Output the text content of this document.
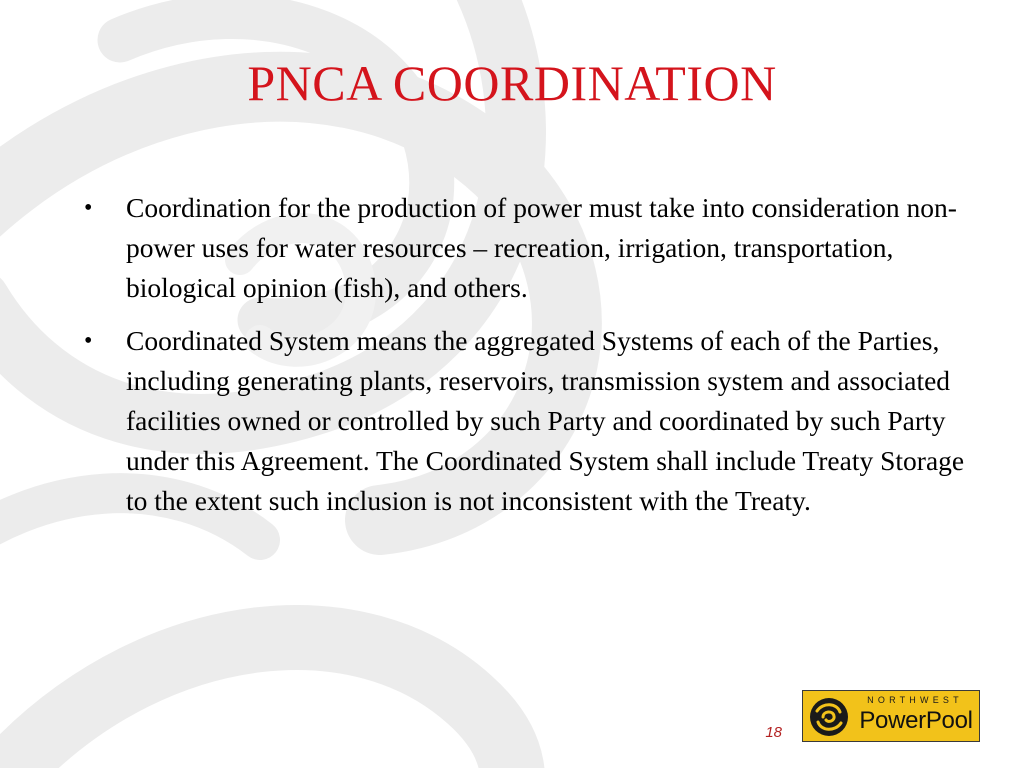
PNCA COORDINATION
• Coordination for the production of power must take into consideration non-power uses for water resources – recreation, irrigation, transportation, biological opinion (fish), and others.
• Coordinated System means the aggregated Systems of each of the Parties, including generating plants, reservoirs, transmission system and associated facilities owned or controlled by such Party and coordinated by such Party under this Agreement. The Coordinated System shall include Treaty Storage to the extent such inclusion is not inconsistent with the Treaty.
18
NORTHWEST
PowerPool
